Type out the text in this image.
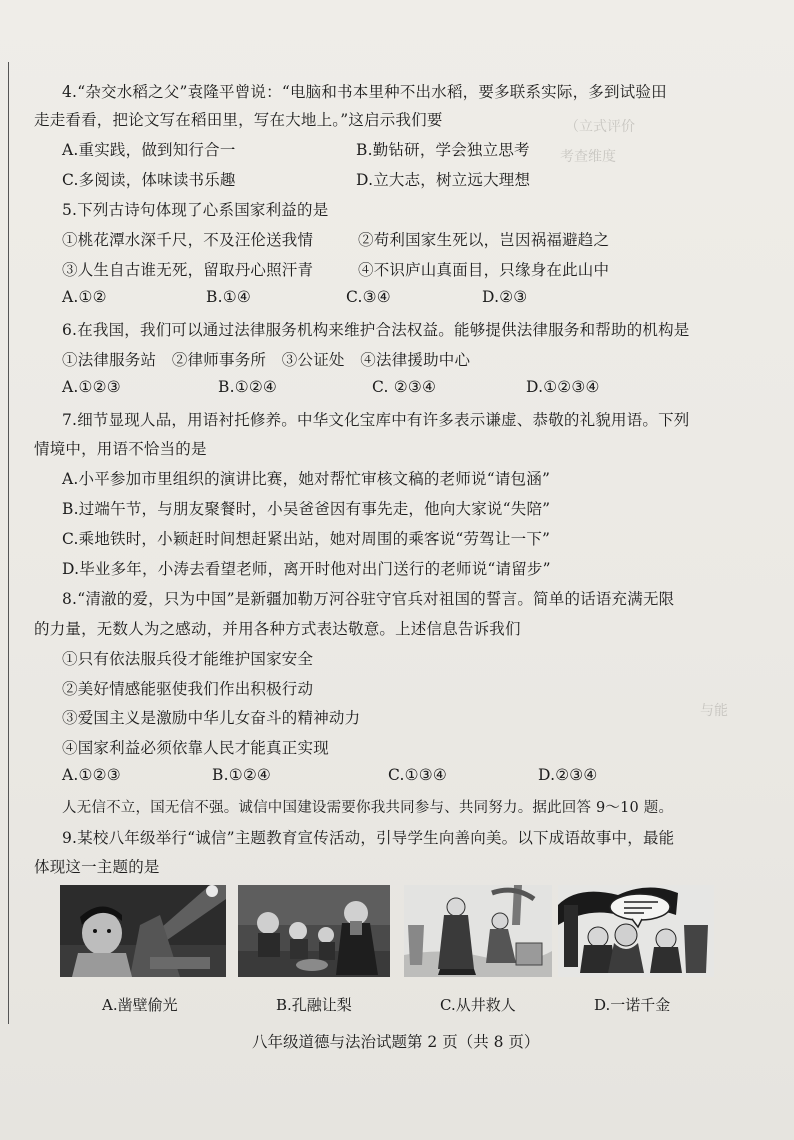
（立式评价
考查维度
与能
4.“杂交水稻之父”袁隆平曾说：“电脑和书本里种不出水稻，要多联系实际，多到试验田
走走看看，把论文写在稻田里，写在大地上。”这启示我们要
A.重实践，做到知行合一	B.勤钻研，学会独立思考
C.多阅读，体味读书乐趣	D.立大志，树立远大理想
5.下列古诗句体现了心系国家利益的是
①桃花潭水深千尺，不及汪伦送我情	②苟利国家生死以，岂因祸福避趋之
③人生自古谁无死，留取丹心照汗青	④不识庐山真面目，只缘身在此山中
A.①②	B.①④	C.③④	D.②③
6.在我国，我们可以通过法律服务机构来维护合法权益。能够提供法律服务和帮助的机构是
①法律服务站　②律师事务所　③公证处　④法律援助中心
A.①②③	B.①②④	C. ②③④	D.①②③④
7.细节显现人品，用语衬托修养。中华文化宝库中有许多表示谦虚、恭敬的礼貌用语。下列
情境中，用语不恰当的是
A.小平参加市里组织的演讲比赛，她对帮忙审核文稿的老师说“请包涵”
B.过端午节，与朋友聚餐时，小吴爸爸因有事先走，他向大家说“失陪”
C.乘地铁时，小颖赶时间想赶紧出站，她对周围的乘客说“劳驾让一下”
D.毕业多年，小涛去看望老师，离开时他对出门送行的老师说“请留步”
8.“清澈的爱，只为中国”是新疆加勒万河谷驻守官兵对祖国的誓言。简单的话语充满无限
的力量，无数人为之感动，并用各种方式表达敬意。上述信息告诉我们
①只有依法服兵役才能维护国家安全
②美好情感能驱使我们作出积极行动
③爱国主义是激励中华儿女奋斗的精神动力
④国家利益必须依靠人民才能真正实现
A.①②③	B.①②④	C.①③④	D.②③④
人无信不立，国无信不强。诚信中国建设需要你我共同参与、共同努力。据此回答 9～10 题。
9.某校八年级举行“诚信”主题教育宣传活动，引导学生向善向美。以下成语故事中，最能
体现这一主题的是
A.凿壁偷光	B.孔融让梨	C.从井救人	D.一诺千金
八年级道德与法治试题第 2 页（共 8 页）
